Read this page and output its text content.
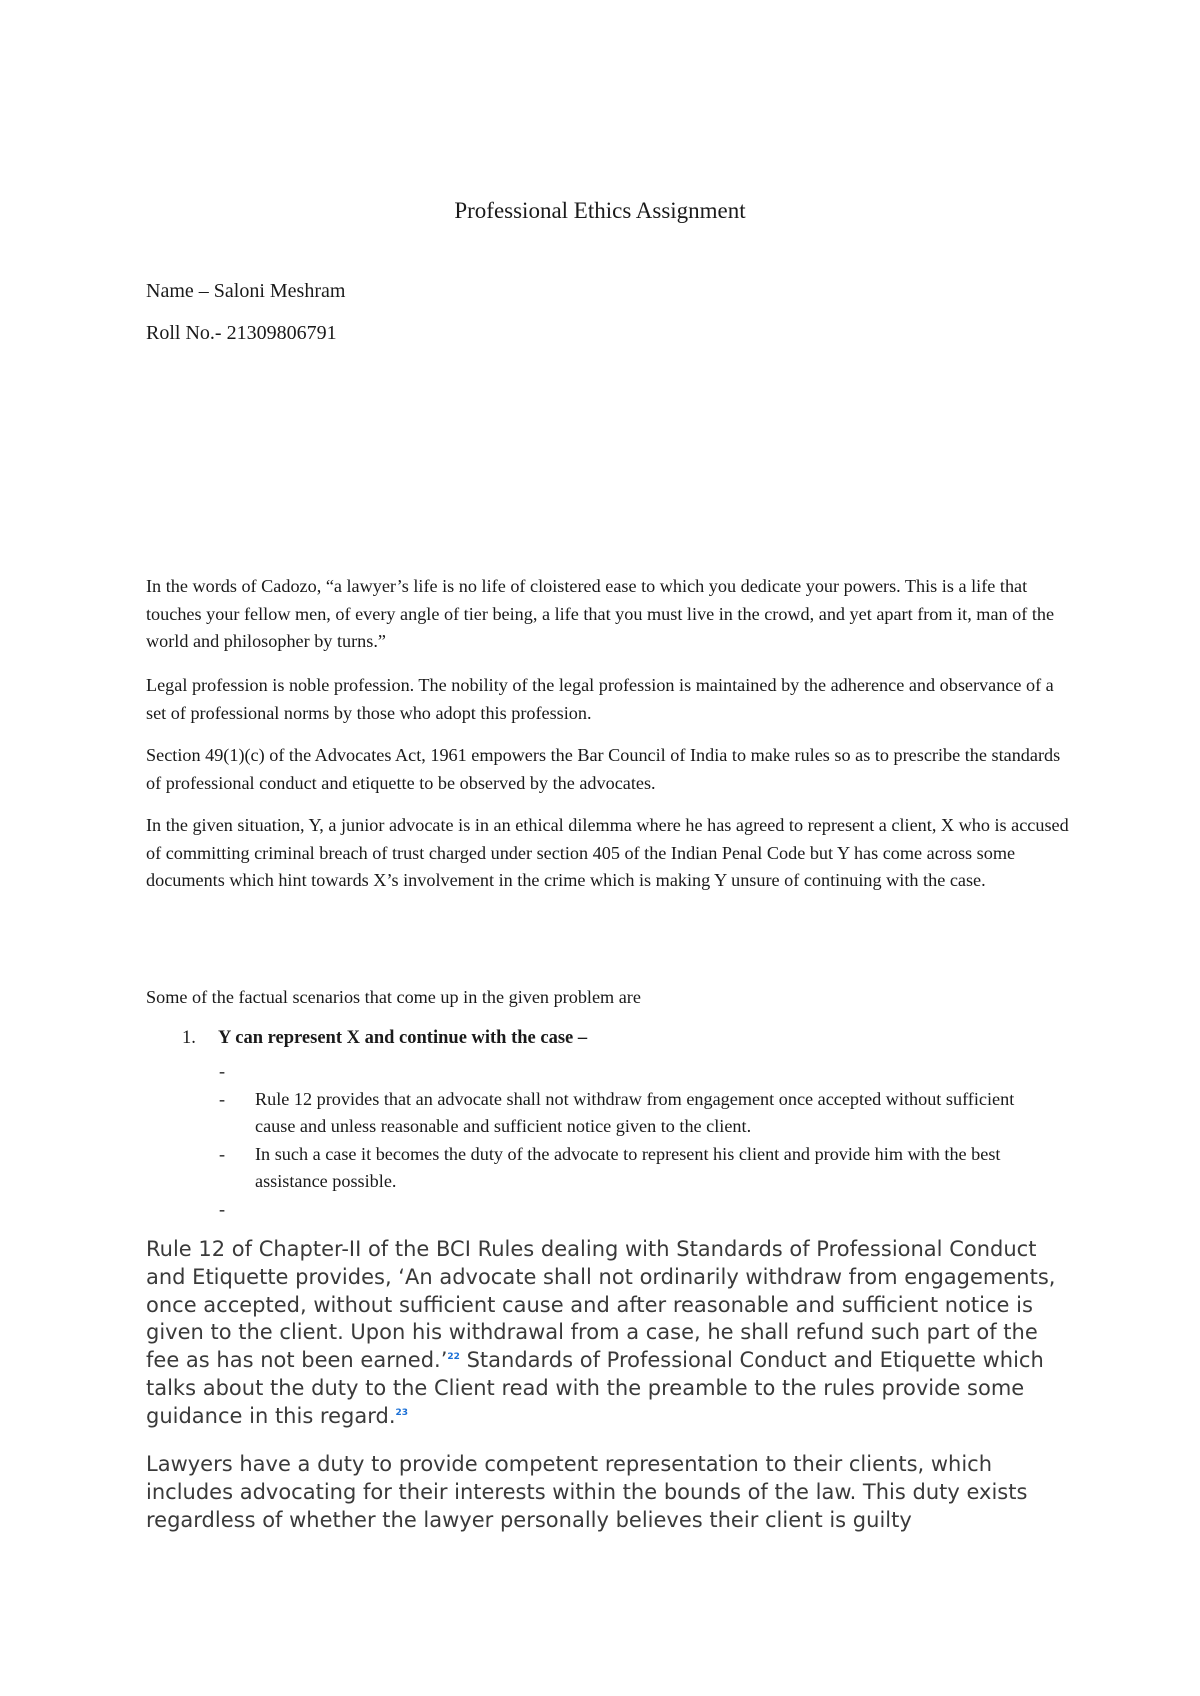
Professional Ethics Assignment

Name – Saloni Meshram

Roll No.- 21309806791

In the words of Cadozo, “a lawyer’s life is no life of cloistered ease to which you dedicate your powers. This is a life that touches your fellow men, of every angle of tier being, a life that you must live in the crowd, and yet apart from it, man of the world and philosopher by turns.”

Legal profession is noble profession. The nobility of the legal profession is maintained by the adherence and observance of a set of professional norms by those who adopt this profession.

Section 49(1)(c) of the Advocates Act, 1961 empowers the Bar Council of India to make rules so as to prescribe the standards of professional conduct and etiquette to be observed by the advocates.

In the given situation, Y, a junior advocate is in an ethical dilemma where he has agreed to represent a client, X who is accused of committing criminal breach of trust charged under section 405 of the Indian Penal Code but Y has come across some documents which hint towards X’s involvement in the crime which is making Y unsure of continuing with the case.

Some of the factual scenarios that come up in the given problem are

1. Y can represent X and continue with the case –

-
- Rule 12 provides that an advocate shall not withdraw from engagement once accepted without sufficient cause and unless reasonable and sufficient notice given to the client.
- In such a case it becomes the duty of the advocate to represent his client and provide him with the best assistance possible.
-

Rule 12 of Chapter-II of the BCI Rules dealing with Standards of Professional Conduct and Etiquette provides, ‘An advocate shall not ordinarily withdraw from engagements, once accepted, without sufficient cause and after reasonable and sufficient notice is given to the client. Upon his withdrawal from a case, he shall refund such part of the fee as has not been earned.’$^{22}$ Standards of Professional Conduct and Etiquette which talks about the duty to the Client read with the preamble to the rules provide some guidance in this regard.$^{23}$

Lawyers have a duty to provide competent representation to their clients, which includes advocating for their interests within the bounds of the law. This duty exists regardless of whether the lawyer personally believes their client is guilty
